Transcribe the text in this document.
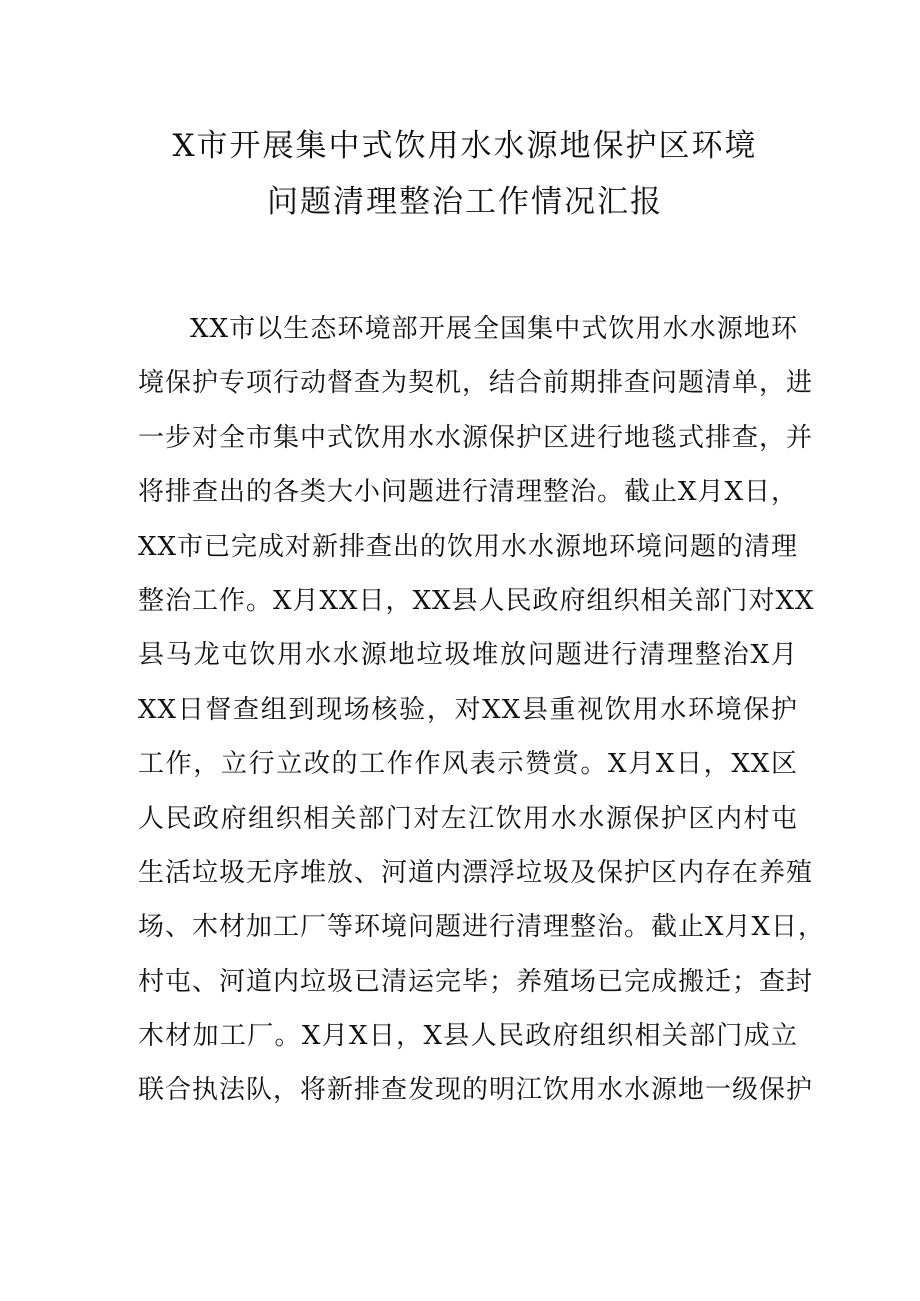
X市开展集中式饮用水水源地保护区环境
问题清理整治工作情况汇报
XX市以生态环境部开展全国集中式饮用水水源地环
境保护专项行动督查为契机，结合前期排查问题清单，进
一步对全市集中式饮用水水源保护区进行地毯式排查，并
将排查出的各类大小问题进行清理整治。截止X月X日，
XX市已完成对新排查出的饮用水水源地环境问题的清理
整治工作。X月XX日，XX县人民政府组织相关部门对XX
县马龙屯饮用水水源地垃圾堆放问题进行清理整治X月
XX日督查组到现场核验，对XX县重视饮用水环境保护
工作，立行立改的工作作风表示赞赏。X月X日，XX区
人民政府组织相关部门对左江饮用水水源保护区内村屯
生活垃圾无序堆放、河道内漂浮垃圾及保护区内存在养殖
场、木材加工厂等环境问题进行清理整治。截止X月X日，
村屯、河道内垃圾已清运完毕；养殖场已完成搬迁；查封
木材加工厂。X月X日，X县人民政府组织相关部门成立
联合执法队，将新排查发现的明江饮用水水源地一级保护
